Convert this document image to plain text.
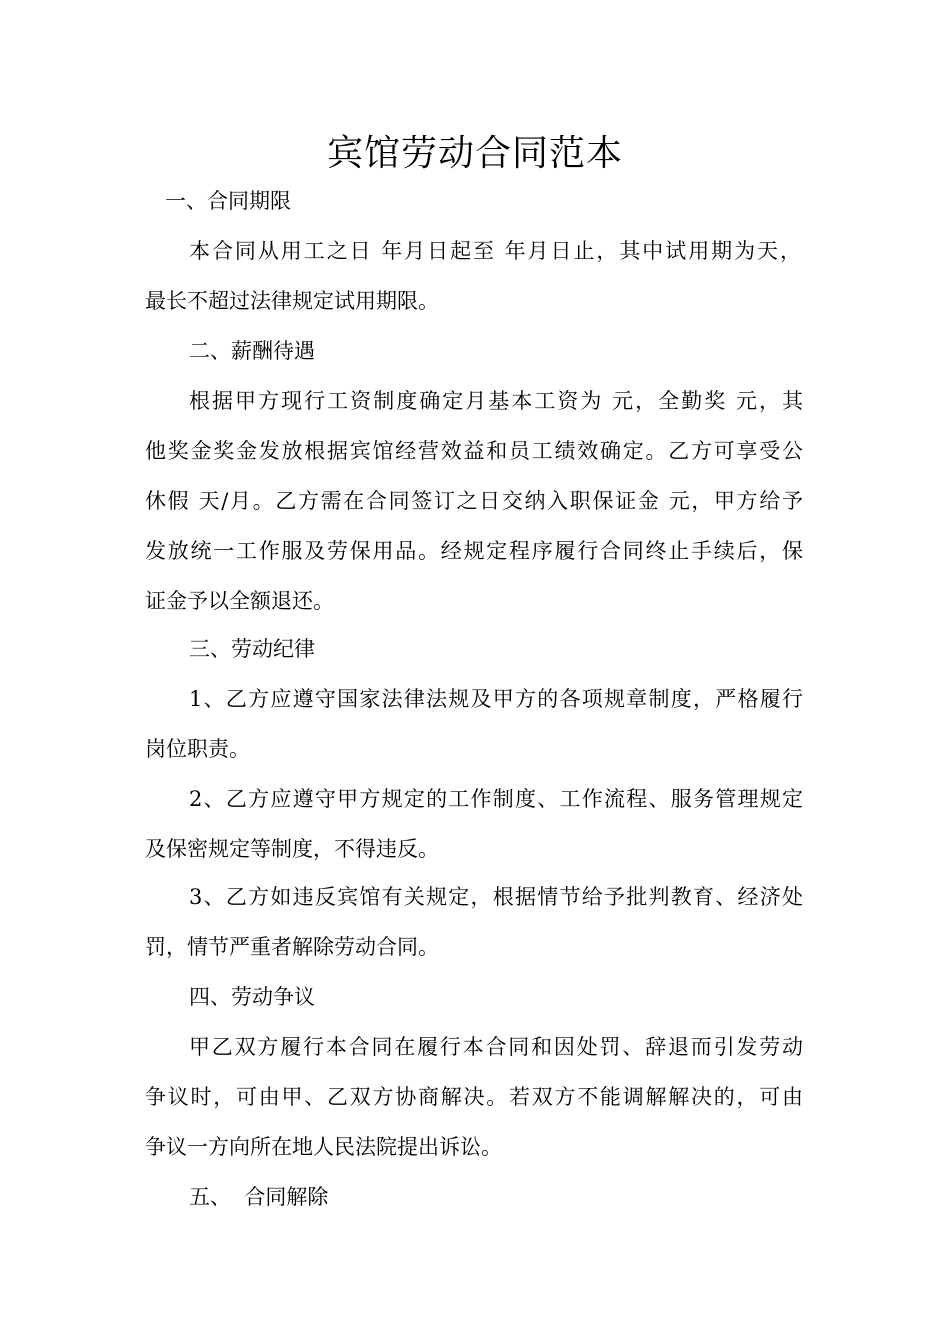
宾馆劳动合同范本
一、合同期限
本合同从用工之日 年月日起至 年月日止，其中试用期为天，
最长不超过法律规定试用期限。
二、薪酬待遇
根据甲方现行工资制度确定月基本工资为 元，全勤奖 元，其
他奖金奖金发放根据宾馆经营效益和员工绩效确定。乙方可享受公
休假 天/月。乙方需在合同签订之日交纳入职保证金 元，甲方给予
发放统一工作服及劳保用品。经规定程序履行合同终止手续后，保
证金予以全额退还。
三、劳动纪律
1、乙方应遵守国家法律法规及甲方的各项规章制度，严格履行
岗位职责。
2、乙方应遵守甲方规定的工作制度、工作流程、服务管理规定
及保密规定等制度，不得违反。
3、乙方如违反宾馆有关规定，根据情节给予批判教育、经济处
罚，情节严重者解除劳动合同。
四、劳动争议
甲乙双方履行本合同在履行本合同和因处罚、辞退而引发劳动
争议时，可由甲、乙双方协商解决。若双方不能调解解决的，可由
争议一方向所在地人民法院提出诉讼。
五、  合同解除
